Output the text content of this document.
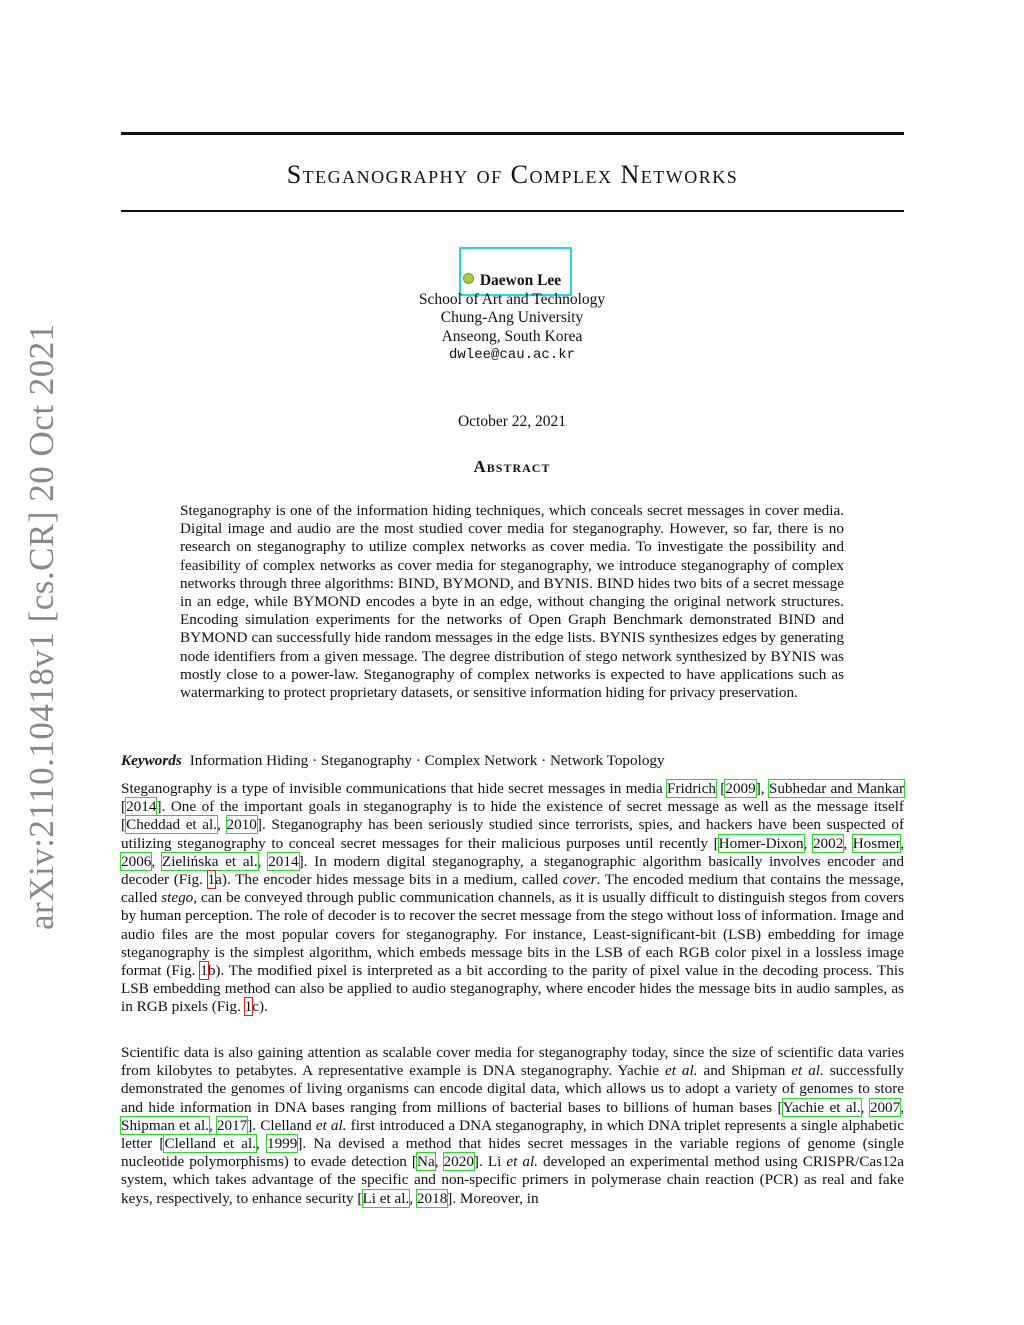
arXiv:2110.10418v1 [cs.CR] 20 Oct 2021
Steganography of Complex Networks
Daewon Lee
School of Art and Technology
Chung-Ang University
Anseong, South Korea
dwlee@cau.ac.kr
October 22, 2021
Abstract
Steganography is one of the information hiding techniques, which conceals secret messages in cover media. Digital image and audio are the most studied cover media for steganography. However, so far, there is no research on steganography to utilize complex networks as cover media. To investigate the possibility and feasibility of complex networks as cover media for steganography, we introduce steganography of complex networks through three algorithms: BIND, BYMOND, and BYNIS. BIND hides two bits of a secret message in an edge, while BYMOND encodes a byte in an edge, without changing the original network structures. Encoding simulation experiments for the networks of Open Graph Benchmark demonstrated BIND and BYMOND can successfully hide random messages in the edge lists. BYNIS synthesizes edges by generating node identifiers from a given message. The degree distribution of stego network synthesized by BYNIS was mostly close to a power-law. Steganography of complex networks is expected to have applications such as watermarking to protect proprietary datasets, or sensitive information hiding for privacy preservation.
Keywords Information Hiding · Steganography · Complex Network · Network Topology
Steganography is a type of invisible communications that hide secret messages in media Fridrich [2009], Subhedar and Mankar [2014]. One of the important goals in steganography is to hide the existence of secret message as well as the message itself [Cheddad et al., 2010]. Steganography has been seriously studied since terrorists, spies, and hackers have been suspected of utilizing steganography to conceal secret messages for their malicious purposes until recently [Homer-Dixon, 2002, Hosmer, 2006, Zielińska et al., 2014]. In modern digital steganography, a steganographic algorithm basically involves encoder and decoder (Fig. 1a). The encoder hides message bits in a medium, called cover. The encoded medium that contains the message, called stego, can be conveyed through public communication channels, as it is usually difficult to distinguish stegos from covers by human perception. The role of decoder is to recover the secret message from the stego without loss of information. Image and audio files are the most popular covers for steganography. For instance, Least-significant-bit (LSB) embedding for image steganography is the simplest algorithm, which embeds message bits in the LSB of each RGB color pixel in a lossless image format (Fig. 1b). The modified pixel is interpreted as a bit according to the parity of pixel value in the decoding process. This LSB embedding method can also be applied to audio steganography, where encoder hides the message bits in audio samples, as in RGB pixels (Fig. 1c).
Scientific data is also gaining attention as scalable cover media for steganography today, since the size of scientific data varies from kilobytes to petabytes. A representative example is DNA steganography. Yachie et al. and Shipman et al. successfully demonstrated the genomes of living organisms can encode digital data, which allows us to adopt a variety of genomes to store and hide information in DNA bases ranging from millions of bacterial bases to billions of human bases [Yachie et al., 2007, Shipman et al., 2017]. Clelland et al. first introduced a DNA steganography, in which DNA triplet represents a single alphabetic letter [Clelland et al., 1999]. Na devised a method that hides secret messages in the variable regions of genome (single nucleotide polymorphisms) to evade detection [Na, 2020]. Li et al. developed an experimental method using CRISPR/Cas12a system, which takes advantage of the specific and non-specific primers in polymerase chain reaction (PCR) as real and fake keys, respectively, to enhance security [Li et al., 2018]. Moreover, in
